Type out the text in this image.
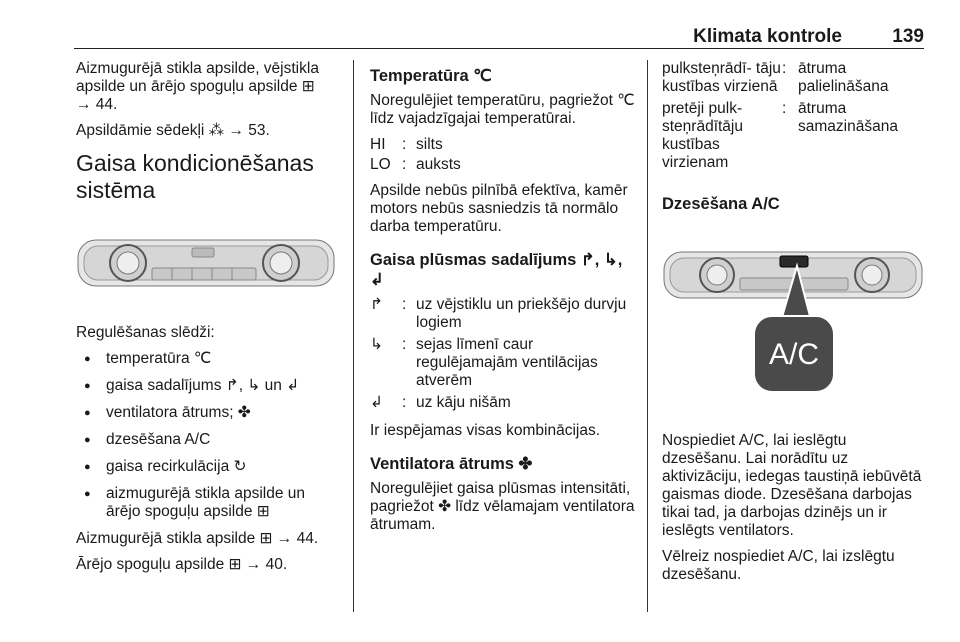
Klimata kontrole	139

Aizmugurējā stikla apsilde, vējstikla apsilde un ārējo spoguļu apsilde ⊞
→ 44.

Apsildāmie sēdekļi ⁂ → 53.

Gaisa kondicionēšanas sistēma

Regulēšanas slēdži:

● temperatūra ℃
● gaisa sadalījums ↱, ↳ un ↲
● ventilatora ātrums; ✤
● dzesēšana A/C
● gaisa recirkulācija ↻
● aizmugurējā stikla apsilde un ārējo spoguļu apsilde ⊞

Aizmugurējā stikla apsilde ⊞ → 44.

Ārējo spoguļu apsilde ⊞ → 40.

Temperatūra ℃

Noregulējiet temperatūru, pagriežot ℃ līdz vajadzīgajai temperatūrai.

HI	: silts
LO : auksts

Apsilde nebūs pilnībā efektīva, kamēr motors nebūs sasniedzis tā normālo darba temperatūru.

Gaisa plūsmas sadalījums ↱, ↳, ↲
↱	: uz vējstiklu un priekšējo durvju logiem
↳	: sejas līmenī caur regulējamajām ventilācijas atverēm
↲	: uz kāju nišām

Ir iespējamas visas kombinācijas.

Ventilatora ātrums ✤

Noregulējiet gaisa plūsmas intensitāti, pagriežot ✤ līdz vēlamajam ventilatora ātrumam.

pulksteņrādī- tāju kustības virzienā
: ātruma palielināšana
pretēji pulk- steņrādītāju kustības virzienam
: ātruma samazināšana
Dzesēšana A/C
A/C

Nospiediet A/C, lai ieslēgtu dzesēšanu. Lai norādītu uz aktivizāciju, iedegas taustiņā iebūvētā gaismas diode. Dzesēšana darbojas tikai tad, ja darbojas dzinējs un ir ieslēgts ventilators.

Vēlreiz nospiediet A/C, lai izslēgtu dzesēšanu.
